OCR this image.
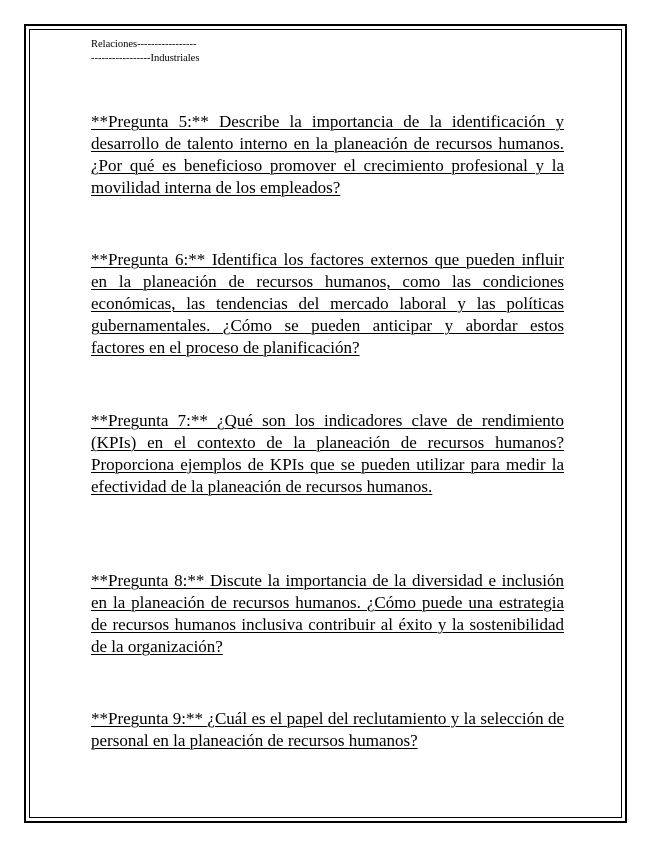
Relaciones-----------------
-----------------Industriales

**Pregunta 5:** Describe la importancia de la identificación y desarrollo de talento interno en la planeación de recursos humanos. ¿Por qué es beneficioso promover el crecimiento profesional y la movilidad interna de los empleados?

**Pregunta 6:** Identifica los factores externos que pueden influir en la planeación de recursos humanos, como las condiciones económicas, las tendencias del mercado laboral y las políticas gubernamentales. ¿Cómo se pueden anticipar y abordar estos factores en el proceso de planificación?

**Pregunta 7:** ¿Qué son los indicadores clave de rendimiento (KPIs) en el contexto de la planeación de recursos humanos? Proporciona ejemplos de KPIs que se pueden utilizar para medir la efectividad de la planeación de recursos humanos.

**Pregunta 8:** Discute la importancia de la diversidad e inclusión en la planeación de recursos humanos. ¿Cómo puede una estrategia de recursos humanos inclusiva contribuir al éxito y la sostenibilidad de la organización?

**Pregunta 9:** ¿Cuál es el papel del reclutamiento y la selección de personal en la planeación de recursos humanos?
